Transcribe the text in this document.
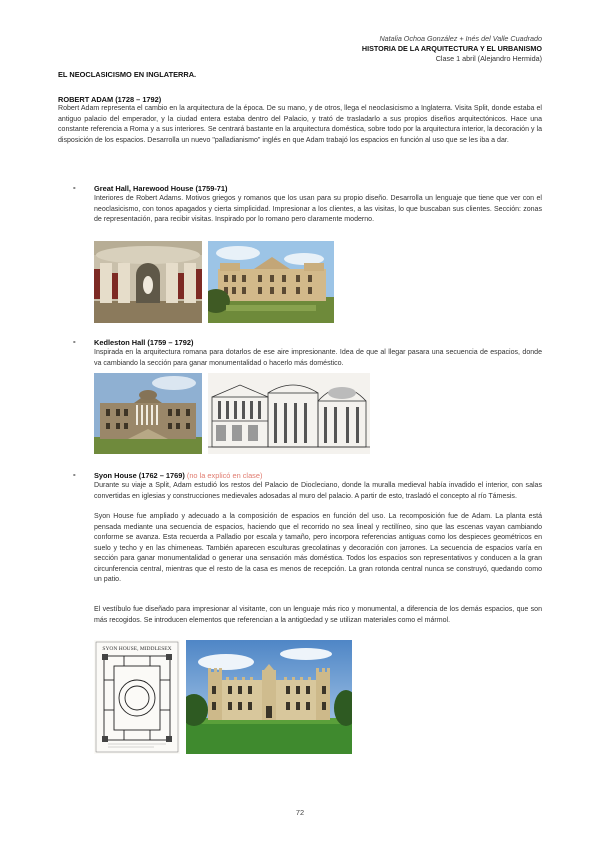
Natalia Ochoa González + Inés del Valle Cuadrado
HISTORIA DE LA ARQUITECTURA Y EL URBANISMO
Clase 1 abril (Alejandro Hermida)
EL NEOCLASICISMO EN INGLATERRA.
ROBERT ADAM (1728 – 1792)
Robert Adam representa el cambio en la arquitectura de la época. De su mano, y de otros, llega el neoclasicismo a Inglaterra. Visita Split, donde estaba el antiguo palacio del emperador, y la ciudad entera estaba dentro del Palacio, y trató de trasladarlo a sus propios diseños arquitectónicos. Hace una constante referencia a Roma y a sus interiores. Se centrará bastante en la arquitectura doméstica, sobre todo por la arquitectura interior, la decoración y la disposición de los espacios. Desarrolla un nuevo "palladianismo" inglés en que Adam trabajó los espacios en función al uso que se les iba a dar.
- Great Hall, Harewood House (1759-71)
Interiores de Robert Adams. Motivos griegos y romanos que los usan para su propio diseño. Desarrolla un lenguaje que tiene que ver con el neoclasicismo, con tonos apagados y cierta simplicidad. Impresionar a los clientes, a las visitas, lo que buscaban sus clientes. Sección: zonas de representación, para recibir visitas. Inspirado por lo romano pero claramente moderno.
- Kedleston Hall (1759 – 1792)
Inspirada en la arquitectura romana para dotarlos de ese aire impresionante. Idea de que al llegar pasara una secuencia de espacios, donde va cambiando la sección para ganar monumentalidad o hacerlo más doméstico.
- Syon House (1762 – 1769) (no la explicó en clase)
Durante su viaje a Split, Adam estudió los restos del Palacio de Diocleciano, donde la muralla medieval había invadido el interior, con salas convertidas en iglesias y construcciones medievales adosadas al muro del palacio. A partir de esto, trasladó el concepto al río Támesis.
Syon House fue ampliado y adecuado a la composición de espacios en función del uso. La recomposición fue de Adam. La planta está pensada mediante una secuencia de espacios, haciendo que el recorrido no sea lineal y rectilíneo, sino que las escenas vayan cambiando conforme se avanza. Esta recuerda a Palladio por escala y tamaño, pero incorpora referencias antiguas como los despieces geométricos en suelo y techo y en las chimeneas. También aparecen esculturas grecolatinas y decoración con jarrones. La secuencia de espacios varía en sección para ganar monumentalidad o generar una sensación más doméstica. Todos los espacios son representativos y conducen a la gran circunferencia central, mientras que el resto de la casa es menos de recepción. La gran rotonda central nunca se construyó, quedando como un patio.
El vestíbulo fue diseñado para impresionar al visitante, con un lenguaje más rico y monumental, a diferencia de los demás espacios, que son más recogidos. Se introducen elementos que referencian a la antigüedad y se utilizan materiales como el mármol.
SYON HOUSE, MIDDLESEX
72
